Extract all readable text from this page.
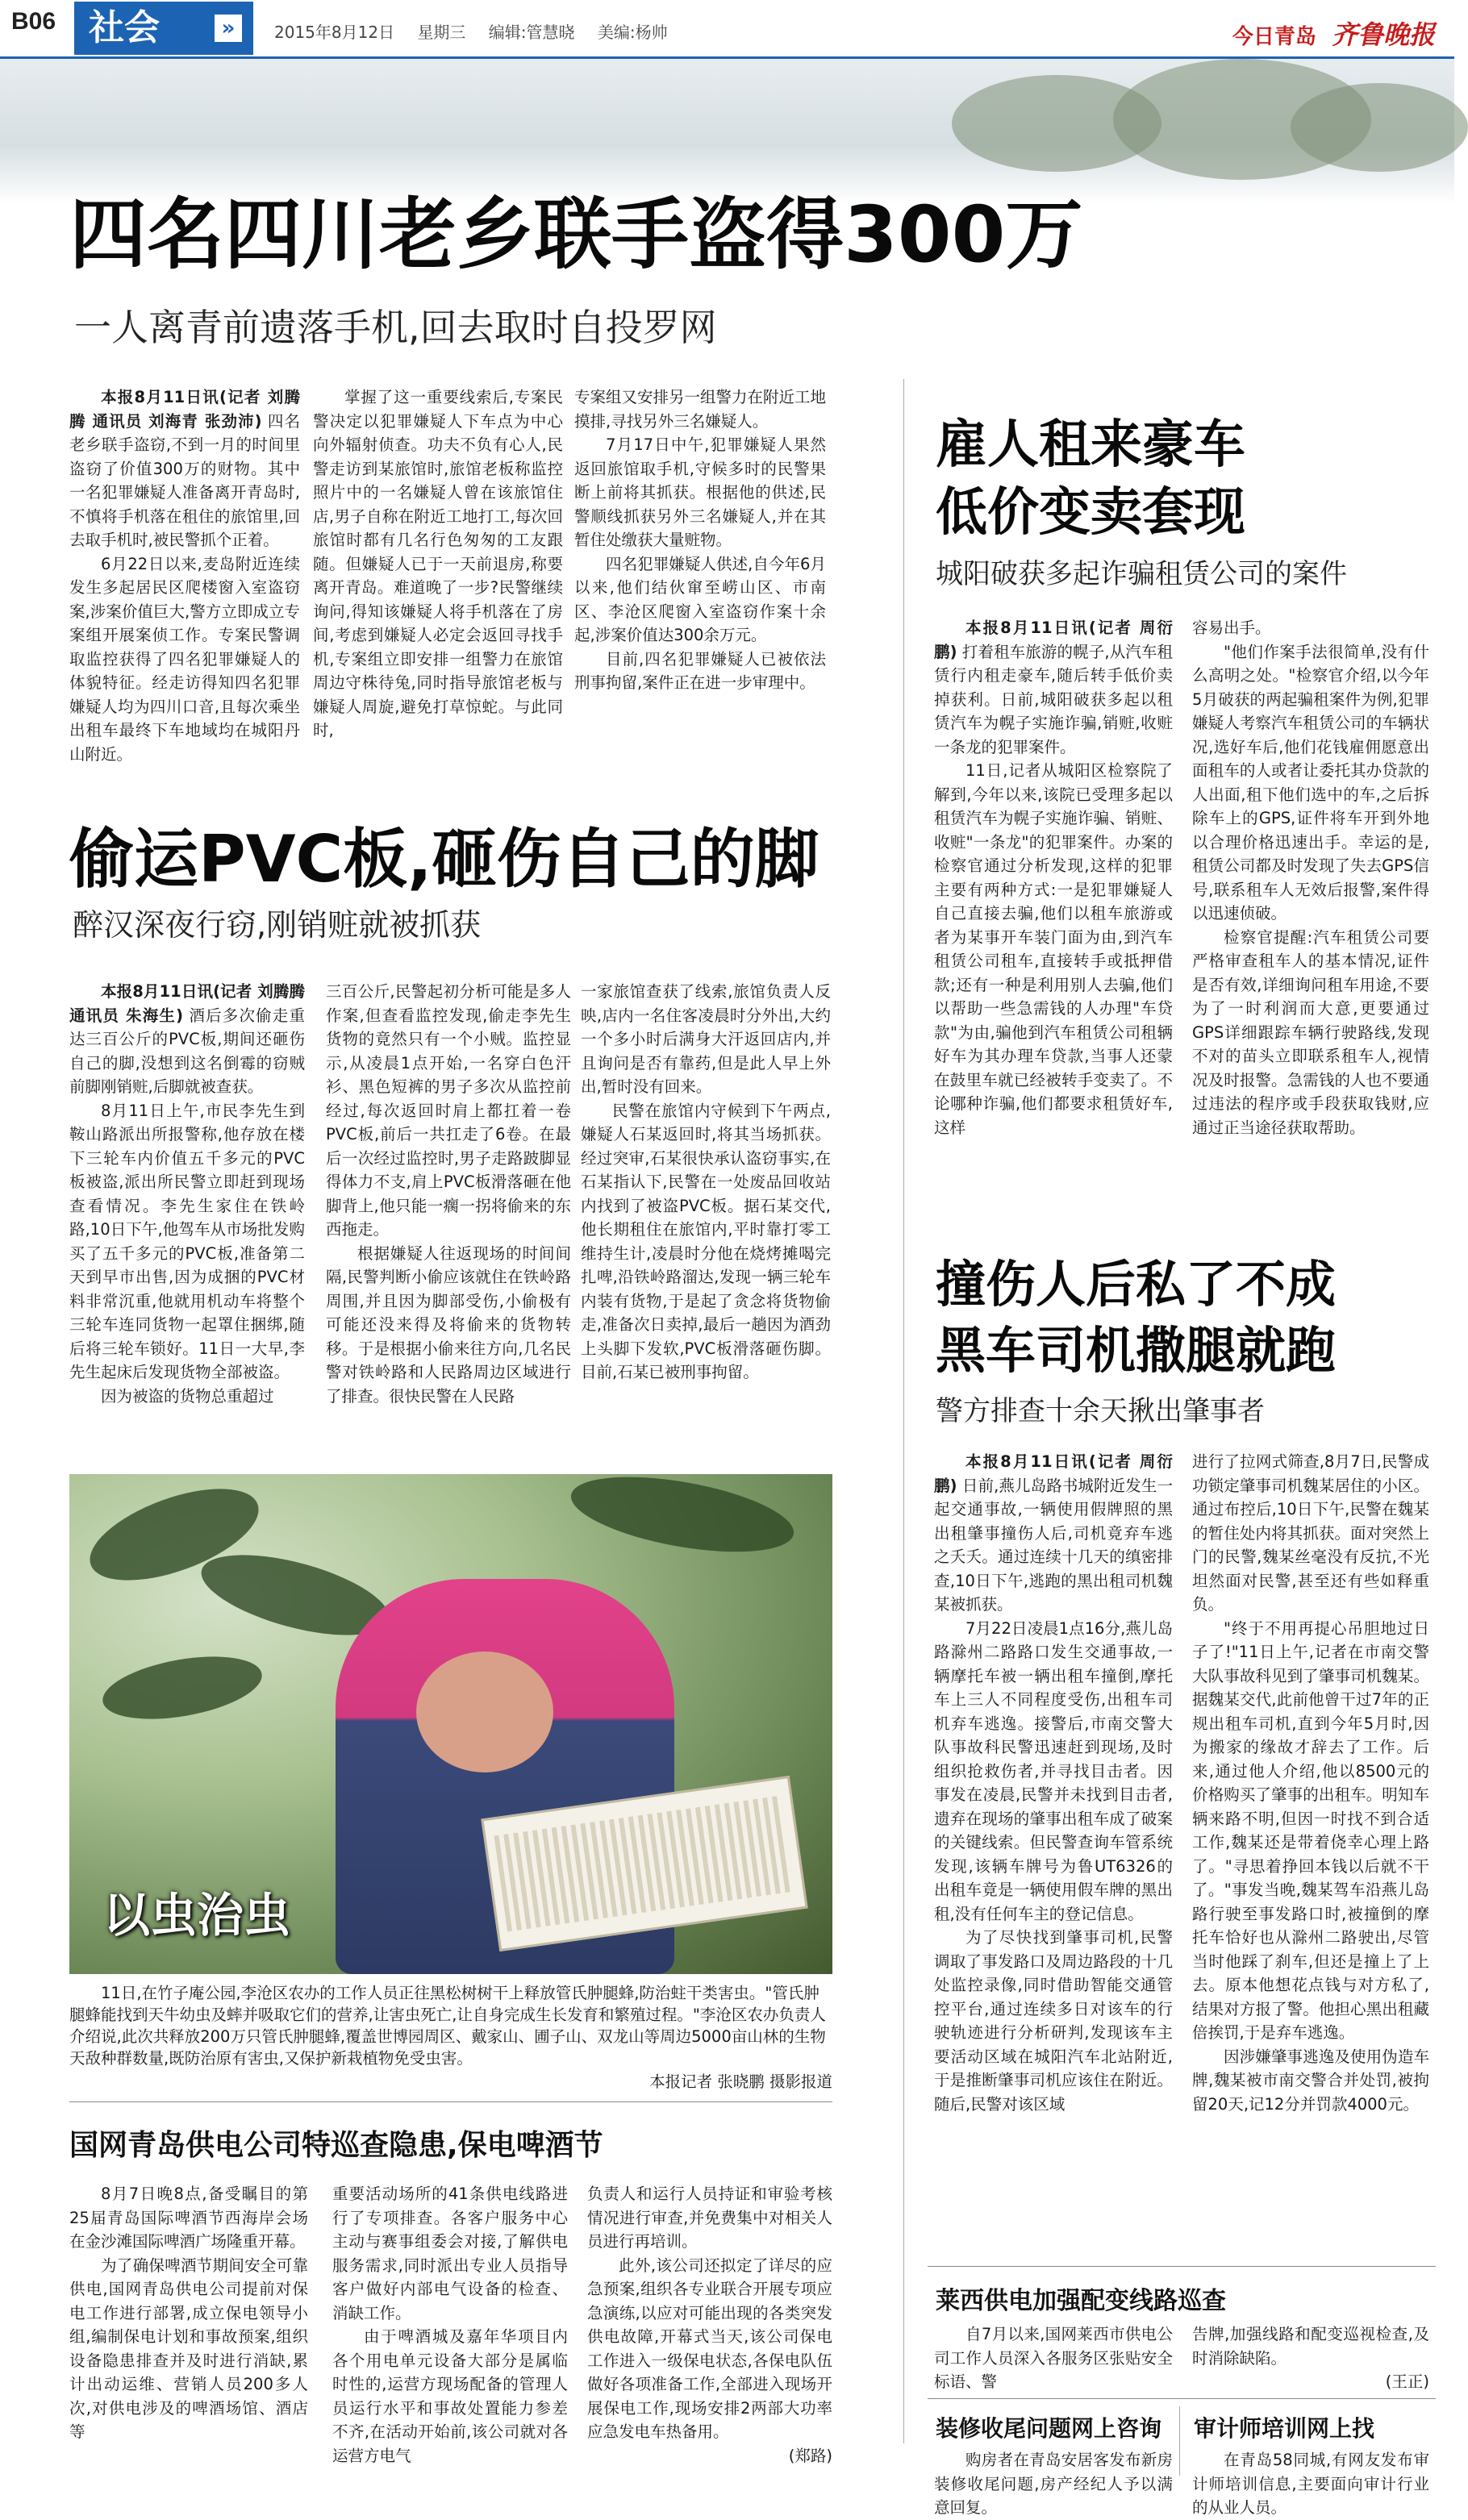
B06 社会	»	2015年8月12日 星期三 编辑:管慧晓 美编:杨帅	今日青岛 齐鲁晚报
四名四川老乡联手盗得300万
一人离青前遗落手机,回去取时自投罗网

本报8月11日讯(记者 刘腾腾 通讯员 刘海青 张劲沛) 四名老乡联手盗窃,不到一月的时间里盗窃了价值300万的财物。其中一名犯罪嫌疑人准备离开青岛时,不慎将手机落在租住的旅馆里,回去取手机时,被民警抓个正着。

6月22日以来,麦岛附近连续发生多起居民区爬楼窗入室盗窃案,涉案价值巨大,警方立即成立专案组开展案侦工作。专案民警调取监控获得了四名犯罪嫌疑人的体貌特征。经走访得知四名犯罪嫌疑人均为四川口音,且每次乘坐出租车最终下车地域均在城阳丹山附近。

掌握了这一重要线索后,专案民警决定以犯罪嫌疑人下车点为中心向外辐射侦查。功夫不负有心人,民警走访到某旅馆时,旅馆老板称监控照片中的一名嫌疑人曾在该旅馆住店,男子自称在附近工地打工,每次回旅馆时都有几名行色匆匆的工友跟随。但嫌疑人已于一天前退房,称要离开青岛。难道晚了一步?民警继续询问,得知该嫌疑人将手机落在了房间,考虑到嫌疑人必定会返回寻找手机,专案组立即安排一组警力在旅馆周边守株待兔,同时指导旅馆老板与嫌疑人周旋,避免打草惊蛇。与此同时,

专案组又安排另一组警力在附近工地摸排,寻找另外三名嫌疑人。

7月17日中午,犯罪嫌疑人果然返回旅馆取手机,守候多时的民警果断上前将其抓获。根据他的供述,民警顺线抓获另外三名嫌疑人,并在其暂住处缴获大量赃物。

四名犯罪嫌疑人供述,自今年6月以来,他们结伙窜至崂山区、市南区、李沧区爬窗入室盗窃作案十余起,涉案价值达300余万元。

目前,四名犯罪嫌疑人已被依法刑事拘留,案件正在进一步审理中。

偷运PVC板,砸伤自己的脚
醉汉深夜行窃,刚销赃就被抓获

本报8月11日讯(记者 刘腾腾 通讯员 朱海生) 酒后多次偷走重达三百公斤的PVC板,期间还砸伤自己的脚,没想到这名倒霉的窃贼前脚刚销赃,后脚就被查获。

8月11日上午,市民李先生到鞍山路派出所报警称,他存放在楼下三轮车内价值五千多元的PVC板被盗,派出所民警立即赶到现场查看情况。李先生家住在铁岭路,10日下午,他驾车从市场批发购买了五千多元的PVC板,准备第二天到早市出售,因为成捆的PVC材料非常沉重,他就用机动车将整个三轮车连同货物一起罩住捆绑,随后将三轮车锁好。11日一大早,李先生起床后发现货物全部被盗。

因为被盗的货物总重超过

三百公斤,民警起初分析可能是多人作案,但查看监控发现,偷走李先生货物的竟然只有一个小贼。监控显示,从凌晨1点开始,一名穿白色汗衫、黑色短裤的男子多次从监控前经过,每次返回时肩上都扛着一卷PVC板,前后一共扛走了6卷。在最后一次经过监控时,男子走路跛脚显得体力不支,肩上PVC板滑落砸在他脚背上,他只能一瘸一拐将偷来的东西拖走。

根据嫌疑人往返现场的时间间隔,民警判断小偷应该就住在铁岭路周围,并且因为脚部受伤,小偷极有可能还没来得及将偷来的货物转移。于是根据小偷来往方向,几名民警对铁岭路和人民路周边区域进行了排查。很快民警在人民路

一家旅馆查获了线索,旅馆负责人反映,店内一名住客凌晨时分外出,大约一个多小时后满身大汗返回店内,并且询问是否有靠药,但是此人早上外出,暂时没有回来。

民警在旅馆内守候到下午两点,嫌疑人石某返回时,将其当场抓获。经过突审,石某很快承认盗窃事实,在石某指认下,民警在一处废品回收站内找到了被盗PVC板。据石某交代,他长期租住在旅馆内,平时靠打零工维持生计,凌晨时分他在烧烤摊喝完扎啤,沿铁岭路溜达,发现一辆三轮车内装有货物,于是起了贪念将货物偷走,准备次日卖掉,最后一趟因为酒劲上头脚下发软,PVC板滑落砸伤脚。目前,石某已被刑事拘留。

以虫治虫
11日,在竹子庵公园,李沧区农办的工作人员正往黑松树树干上释放管氏肿腿蜂,防治蛀干类害虫。"管氏肿腿蜂能找到天牛幼虫及蟀并吸取它们的营养,让害虫死亡,让自身完成生长发育和繁殖过程。"李沧区农办负责人介绍说,此次共释放200万只管氏肿腿蜂,覆盖世博园周区、戴家山、圃子山、双龙山等周边5000亩山林的生物天敌种群数量,既防治原有害虫,又保护新栽植物免受虫害。
本报记者 张晓鹏 摄影报道
国网青岛供电公司特巡查隐患,保电啤酒节

8月7日晚8点,备受瞩目的第25届青岛国际啤酒节西海岸会场在金沙滩国际啤酒广场隆重开幕。

为了确保啤酒节期间安全可靠供电,国网青岛供电公司提前对保电工作进行部署,成立保电领导小组,编制保电计划和事故预案,组织设备隐患排查并及时进行消缺,累计出动运维、营销人员200多人次,对供电涉及的啤酒场馆、酒店等

重要活动场所的41条供电线路进行了专项排查。各客户服务中心主动与赛事组委会对接,了解供电服务需求,同时派出专业人员指导客户做好内部电气设备的检查、消缺工作。

由于啤酒城及嘉年华项目内各个用电单元设备大部分是属临时性的,运营方现场配备的管理人员运行水平和事故处置能力参差不齐,在活动开始前,该公司就对各运营方电气

负责人和运行人员持证和审验考核情况进行审查,并免费集中对相关人员进行再培训。

此外,该公司还拟定了详尽的应急预案,组织各专业联合开展专项应急演练,以应对可能出现的各类突发供电故障,开幕式当天,该公司保电工作进入一级保电状态,各保电队伍做好各项准备工作,全部进入现场开展保电工作,现场安排2两部大功率应急发电车热备用。

(郑路)

雇人租来豪车
低价变卖套现
城阳破获多起诈骗租赁公司的案件

本报8月11日讯(记者 周衍鹏) 打着租车旅游的幌子,从汽车租赁行内租走豪车,随后转手低价卖掉获利。日前,城阳破获多起以租赁汽车为幌子实施诈骗,销赃,收赃一条龙的犯罪案件。

11日,记者从城阳区检察院了解到,今年以来,该院已受理多起以租赁汽车为幌子实施诈骗、销赃、收赃"一条龙"的犯罪案件。办案的检察官通过分析发现,这样的犯罪主要有两种方式:一是犯罪嫌疑人自己直接去骗,他们以租车旅游或者为某事开车装门面为由,到汽车租赁公司租车,直接转手或抵押借款;还有一种是利用别人去骗,他们以帮助一些急需钱的人办理"车贷款"为由,骗他到汽车租赁公司租辆好车为其办理车贷款,当事人还蒙在鼓里车就已经被转手变卖了。不论哪种诈骗,他们都要求租赁好车,这样

容易出手。

"他们作案手法很简单,没有什么高明之处。"检察官介绍,以今年5月破获的两起骗租案件为例,犯罪嫌疑人考察汽车租赁公司的车辆状况,选好车后,他们花钱雇佣愿意出面租车的人或者让委托其办贷款的人出面,租下他们选中的车,之后拆除车上的GPS,证件将车开到外地以合理价格迅速出手。幸运的是,租赁公司都及时发现了失去GPS信号,联系租车人无效后报警,案件得以迅速侦破。

检察官提醒:汽车租赁公司要严格审查租车人的基本情况,证件是否有效,详细询问租车用途,不要为了一时利润而大意,更要通过GPS详细跟踪车辆行驶路线,发现不对的苗头立即联系租车人,视情况及时报警。急需钱的人也不要通过违法的程序或手段获取钱财,应通过正当途径获取帮助。

撞伤人后私了不成
黑车司机撒腿就跑
警方排查十余天揪出肇事者

本报8月11日讯(记者 周衍鹏) 日前,燕儿岛路书城附近发生一起交通事故,一辆使用假牌照的黑出租肇事撞伤人后,司机竟弃车逃之夭夭。通过连续十几天的缜密排查,10日下午,逃跑的黑出租司机魏某被抓获。

7月22日凌晨1点16分,燕儿岛路滁州二路路口发生交通事故,一辆摩托车被一辆出租车撞倒,摩托车上三人不同程度受伤,出租车司机弃车逃逸。接警后,市南交警大队事故科民警迅速赶到现场,及时组织抢救伤者,并寻找目击者。因事发在凌晨,民警并未找到目击者,遗弃在现场的肇事出租车成了破案的关键线索。但民警查询车管系统发现,该辆车牌号为鲁UT6326的出租车竟是一辆使用假车牌的黑出租,没有任何车主的登记信息。

为了尽快找到肇事司机,民警调取了事发路口及周边路段的十几处监控录像,同时借助智能交通管控平台,通过连续多日对该车的行驶轨迹进行分析研判,发现该车主要活动区域在城阳汽车北站附近,于是推断肇事司机应该住在附近。随后,民警对该区域

进行了拉网式筛查,8月7日,民警成功锁定肇事司机魏某居住的小区。通过布控后,10日下午,民警在魏某的暂住处内将其抓获。面对突然上门的民警,魏某丝毫没有反抗,不光坦然面对民警,甚至还有些如释重负。

"终于不用再提心吊胆地过日子了!"11日上午,记者在市南交警大队事故科见到了肇事司机魏某。据魏某交代,此前他曾干过7年的正规出租车司机,直到今年5月时,因为搬家的缘故才辞去了工作。后来,通过他人介绍,他以8500元的价格购买了肇事的出租车。明知车辆来路不明,但因一时找不到合适工作,魏某还是带着侥幸心理上路了。"寻思着挣回本钱以后就不干了。"事发当晚,魏某驾车沿燕儿岛路行驶至事发路口时,被撞倒的摩托车恰好也从滁州二路驶出,尽管当时他踩了刹车,但还是撞上了上去。原本他想花点钱与对方私了,结果对方报了警。他担心黑出租藏倍挨罚,于是弃车逃逸。

因涉嫌肇事逃逸及使用伪造车牌,魏某被市南交警合并处罚,被拘留20天,记12分并罚款4000元。

莱西供电加强配变线路巡查

自7月以来,国网莱西市供电公司工作人员深入各服务区张贴安全标语、警

告牌,加强线路和配变巡视检查,及时消除缺陷。

(王正)

装修收尾问题网上咨询 审计师培训网上找

购房者在青岛安居客发布新房装修收尾问题,房产经纪人予以满意回复。

在青岛58同城,有网友发布审计师培训信息,主要面向审计行业的从业人员。
